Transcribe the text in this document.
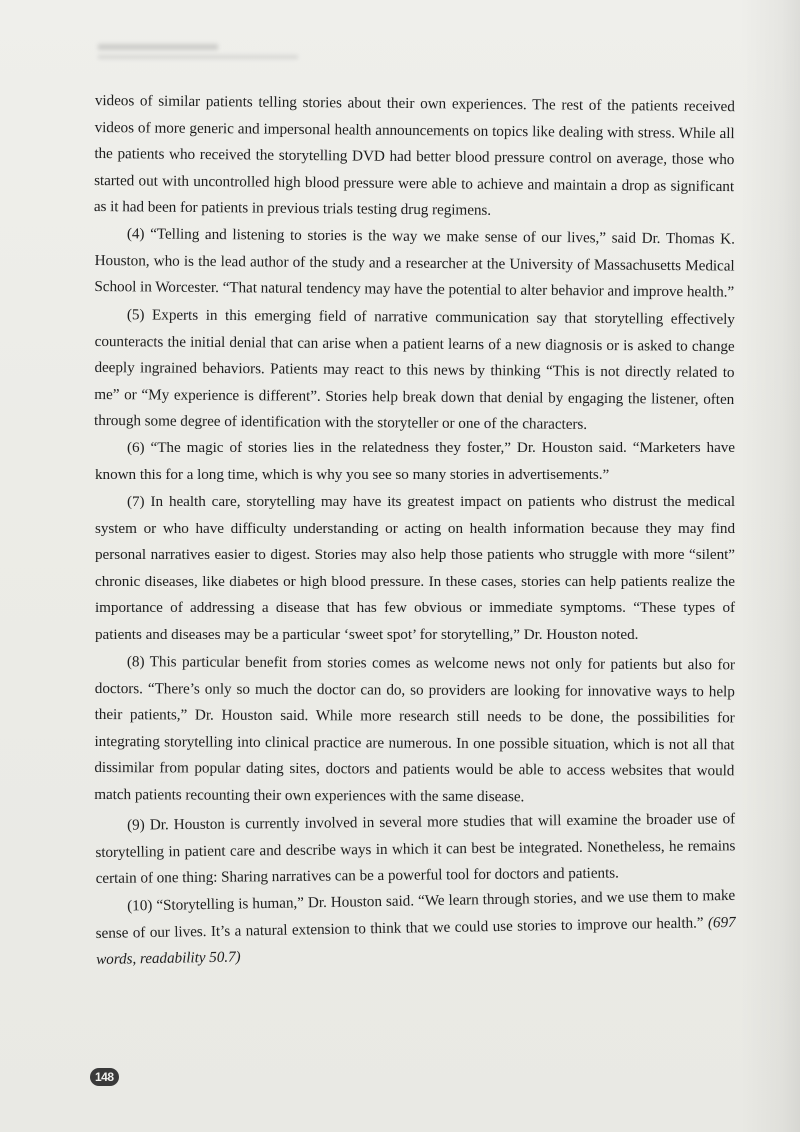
videos of similar patients telling stories about their own experiences. The rest of the patients received videos of more generic and impersonal health announcements on topics like dealing with stress. While all the patients who received the storytelling DVD had better blood pressure control on average, those who started out with uncontrolled high blood pressure were able to achieve and maintain a drop as significant as it had been for patients in previous trials testing drug regimens.

(4) “Telling and listening to stories is the way we make sense of our lives,” said Dr. Thomas K. Houston, who is the lead author of the study and a researcher at the University of Massachusetts Medical School in Worcester. “That natural tendency may have the potential to alter behavior and improve health.”

(5) Experts in this emerging field of narrative communication say that storytelling effectively counteracts the initial denial that can arise when a patient learns of a new diagnosis or is asked to change deeply ingrained behaviors. Patients may react to this news by thinking “This is not directly related to me” or “My experience is different”. Stories help break down that denial by engaging the listener, often through some degree of identification with the storyteller or one of the characters.

(6) “The magic of stories lies in the relatedness they foster,” Dr. Houston said. “Marketers have known this for a long time, which is why you see so many stories in advertisements.”

(7) In health care, storytelling may have its greatest impact on patients who distrust the medical system or who have difficulty understanding or acting on health information because they may find personal narratives easier to digest. Stories may also help those patients who struggle with more “silent” chronic diseases, like diabetes or high blood pressure. In these cases, stories can help patients realize the importance of addressing a disease that has few obvious or immediate symptoms. “These types of patients and diseases may be a particular ‘sweet spot’ for storytelling,” Dr. Houston noted.

(8) This particular benefit from stories comes as welcome news not only for patients but also for doctors. “There’s only so much the doctor can do, so providers are looking for innovative ways to help their patients,” Dr. Houston said. While more research still needs to be done, the possibilities for integrating storytelling into clinical practice are numerous. In one possible situation, which is not all that dissimilar from popular dating sites, doctors and patients would be able to access websites that would match patients recounting their own experiences with the same disease.

(9) Dr. Houston is currently involved in several more studies that will examine the broader use of storytelling in patient care and describe ways in which it can best be integrated. Nonetheless, he remains certain of one thing: Sharing narratives can be a powerful tool for doctors and patients.

(10) “Storytelling is human,” Dr. Houston said. “We learn through stories, and we use them to make sense of our lives. It’s a natural extension to think that we could use stories to improve our health.” (697 words, readability 50.7)

148
